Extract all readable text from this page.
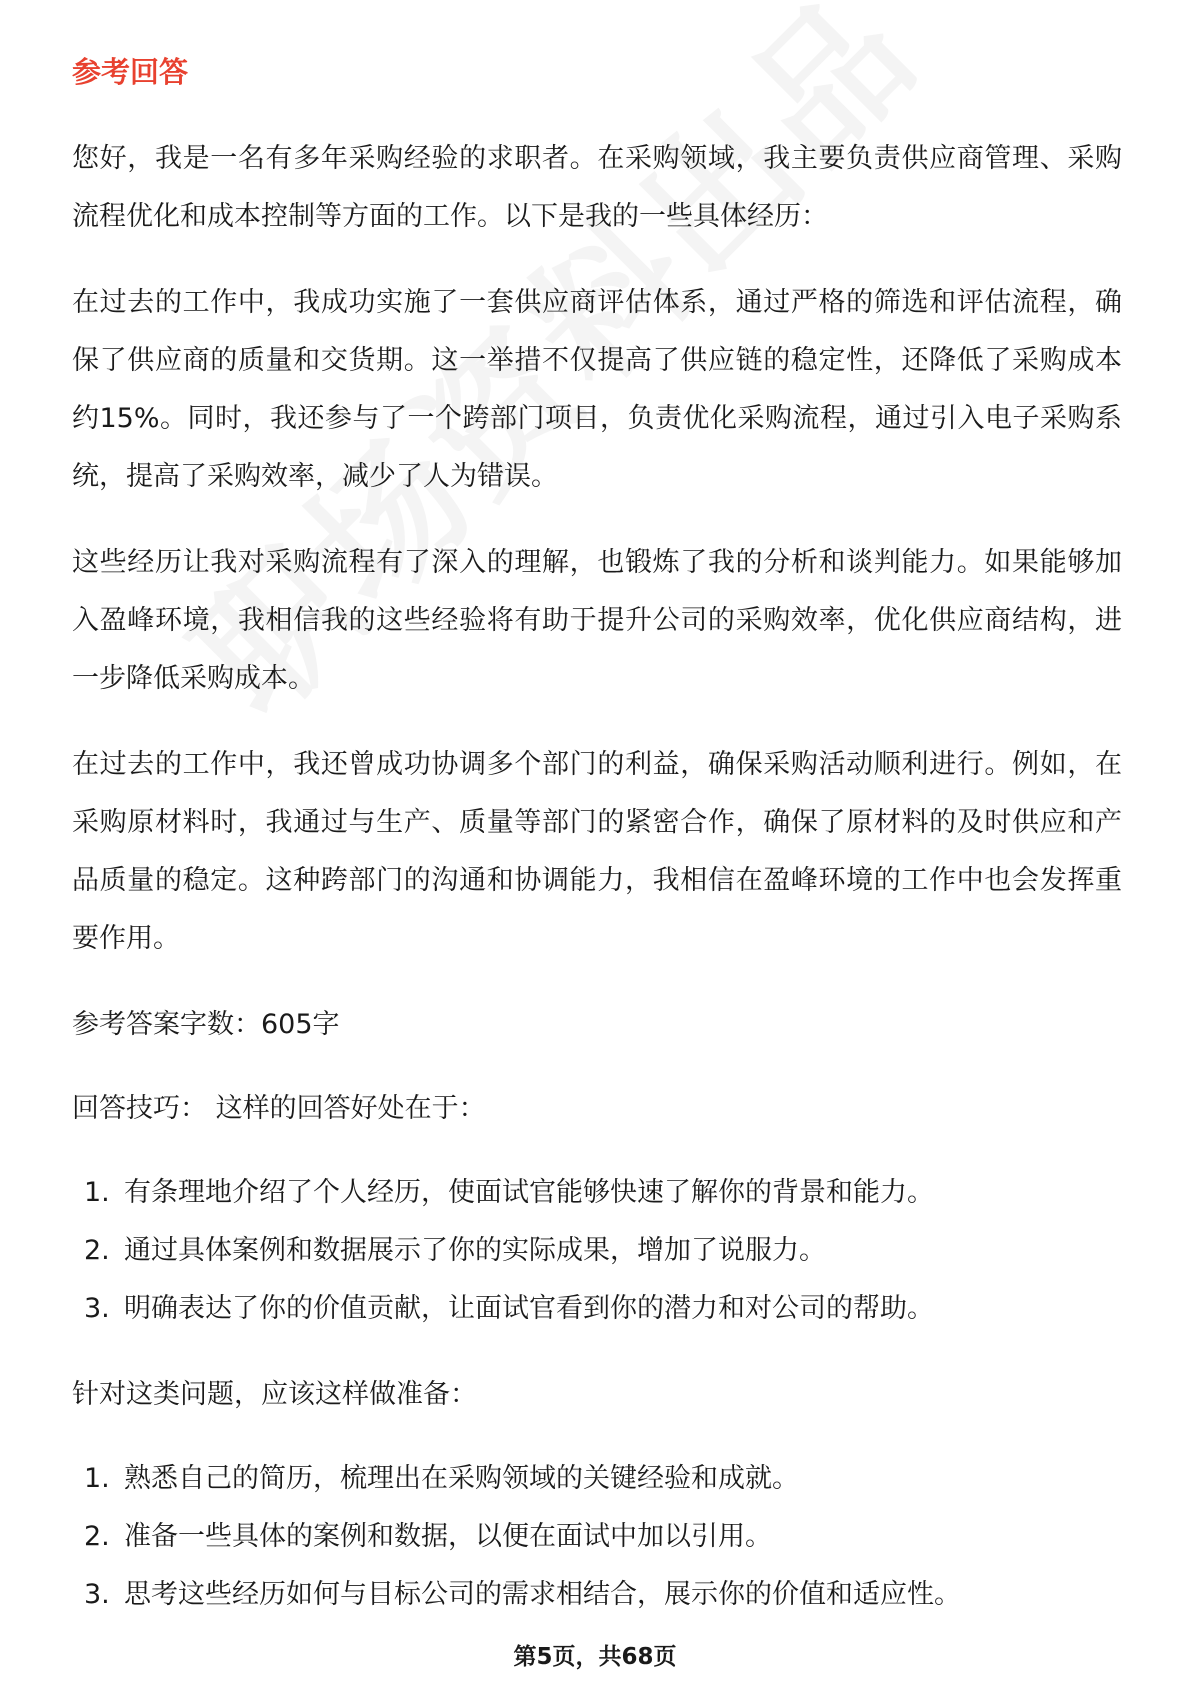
参考回答

您好，我是一名有多年采购经验的求职者。在采购领域，我主要负责供应商管理、采购流程优化和成本控制等方面的工作。以下是我的一些具体经历：

在过去的工作中，我成功实施了一套供应商评估体系，通过严格的筛选和评估流程，确保了供应商的质量和交货期。这一举措不仅提高了供应链的稳定性，还降低了采购成本约15%。同时，我还参与了一个跨部门项目，负责优化采购流程，通过引入电子采购系统，提高了采购效率，减少了人为错误。

这些经历让我对采购流程有了深入的理解，也锻炼了我的分析和谈判能力。如果能够加入盈峰环境，我相信我的这些经验将有助于提升公司的采购效率，优化供应商结构，进一步降低采购成本。

在过去的工作中，我还曾成功协调多个部门的利益，确保采购活动顺利进行。例如，在采购原材料时，我通过与生产、质量等部门的紧密合作，确保了原材料的及时供应和产品质量的稳定。这种跨部门的沟通和协调能力，我相信在盈峰环境的工作中也会发挥重要作用。

参考答案字数：605字

回答技巧： 这样的回答好处在于：

1. 有条理地介绍了个人经历，使面试官能够快速了解你的背景和能力。
2. 通过具体案例和数据展示了你的实际成果，增加了说服力。
3. 明确表达了你的价值贡献，让面试官看到你的潜力和对公司的帮助。

针对这类问题，应该这样做准备：

1. 熟悉自己的简历，梳理出在采购领域的关键经验和成就。
2. 准备一些具体的案例和数据，以便在面试中加以引用。
3. 思考这些经历如何与目标公司的需求相结合，展示你的价值和适应性。
第5页，共68页
